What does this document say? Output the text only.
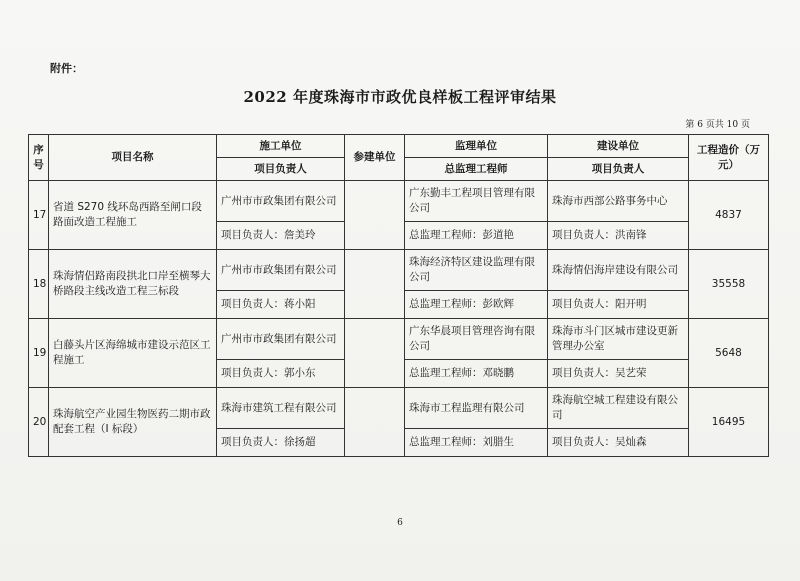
附件：
2022 年度珠海市市政优良样板工程评审结果
第 6 页共 10 页
序号	项目名称	施工单位	参建单位	监理单位	建设单位	工程造价（万元）
		项目负责人		总监理工程师	项目负责人	
17	省道 S270 线环岛西路至闸口段路面改造工程施工	广州市市政集团有限公司		广东勤丰工程项目管理有限公司	珠海市西部公路事务中心	4837
		项目负责人：詹美玲		总监理工程师：彭道艳	项目负责人：洪南锋	
18	珠海情侣路南段拱北口岸至横琴大桥路段主线改造工程三标段	广州市市政集团有限公司		珠海经济特区建设监理有限公司	珠海情侣海岸建设有限公司	35558
		项目负责人：蒋小阳		总监理工程师：彭欧辉	项目负责人：阳开明	
19	白藤头片区海绵城市建设示范区工程施工	广州市市政集团有限公司		广东华晨项目管理咨询有限公司	珠海市斗门区城市建设更新管理办公室	5648
		项目负责人：郭小东		总监理工程师：邓晓鹏	项目负责人：吴艺荣	
20	珠海航空产业园生物医药二期市政配套工程（I 标段）	珠海市建筑工程有限公司		珠海市工程监理有限公司	珠海航空城工程建设有限公司	16495
		项目负责人：徐扬超		总监理工程师：刘腊生	项目负责人：吴灿森	
6
